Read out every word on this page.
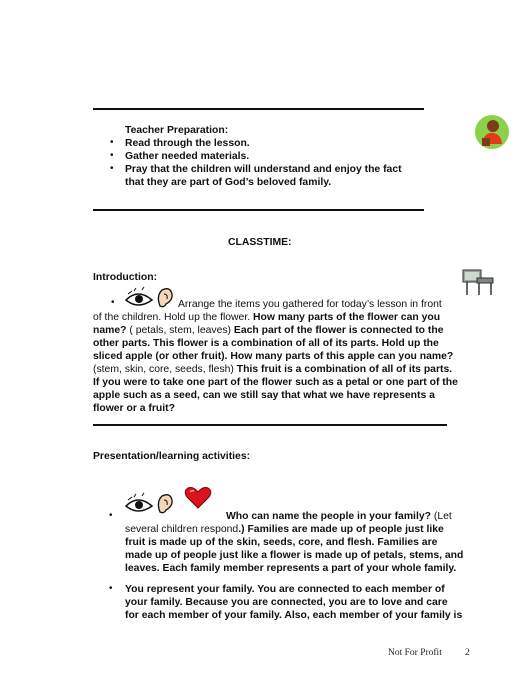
Teacher Preparation:
• Read through the lesson.
• Gather needed materials.
• Pray that the children will understand and enjoy the fact
that they are part of God’s beloved family.
CLASSTIME:
Introduction:
•	Arrange the items you gathered for today’s lesson in front
of the children. Hold up the flower. How many parts of the flower can you
name? ( petals, stem, leaves) Each part of the flower is connected to the
other parts. This flower is a combination of all of its parts. Hold up the
sliced apple (or other fruit). How many parts of this apple can you name?
(stem, skin, core, seeds, flesh) This fruit is a combination of all of its parts.
If you were to take one part of the flower such as a petal or one part of the
apple such as a seed, can we still say that what we have represents a
flower or a fruit?
Presentation/learning activities:
•	Who can name the people in your family? (Let
several children respond.) Families are made up of people just like
fruit is made up of the skin, seeds, core, and flesh. Families are
made up of people just like a flower is made up of petals, stems, and
leaves. Each family member represents a part of your whole family.
• You represent your family. You are connected to each member of
your family. Because you are connected, you are to love and care
for each member of your family. Also, each member of your family is
Not For Profit 2
